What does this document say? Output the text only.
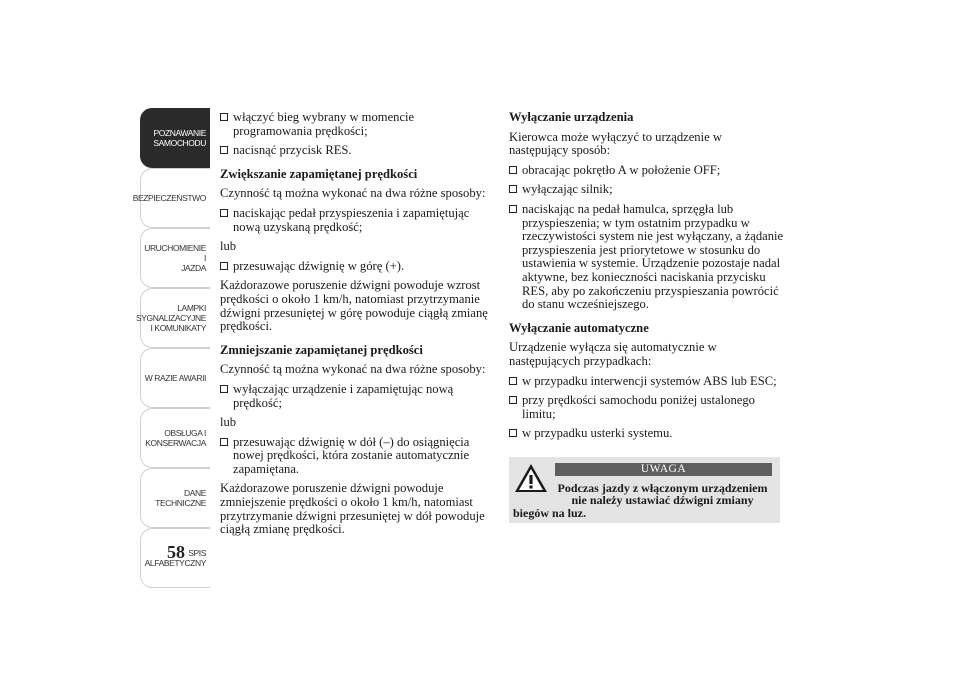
POZNAWANIE
SAMOCHODU
BEZPIECZEŃSTWO
URUCHOMIENIE I
JAZDA
LAMPKI
SYGNALIZACYJNE
I KOMUNIKATY
W RAZIE AWARII
OBSŁUGA I
KONSERWACJA
DANE
TECHNICZNE
SPIS
ALFABETYCZNY
58
włączyć bieg wybrany w momencie programowania prędkości;
nacisnąć przycisk RES.
Zwiększanie zapamiętanej prędkości

Czynność tą można wykonać na dwa różne sposoby:

naciskając pedał przyspieszenia i zapamiętując nową uzyskaną prędkość;

lub

przesuwając dźwignię w górę (+).

Każdorazowe poruszenie dźwigni powoduje wzrost prędkości o około 1 km/h, natomiast przytrzymanie dźwigni przesuniętej w górę powoduje ciągłą zmianę prędkości.

Zmniejszanie zapamiętanej prędkości

Czynność tą można wykonać na dwa różne sposoby:

wyłączając urządzenie i zapamiętując nową prędkość;

lub

przesuwając dźwignię w dół (–) do osiągnięcia nowej prędkości, która zostanie automatycznie zapamiętana.

Każdorazowe poruszenie dźwigni powoduje zmniejszenie prędkości o około 1 km/h, natomiast przytrzymanie dźwigni przesuniętej w dół powoduje ciągłą zmianę prędkości.

Wyłączanie urządzenia

Kierowca może wyłączyć to urządzenie w następujący sposób:

obracając pokrętło A w położenie OFF;
wyłączając silnik;
naciskając na pedał hamulca, sprzęgła lub przyspieszenia; w tym ostatnim przypadku w rzeczywistości system nie jest wyłączany, a żądanie przyspieszenia jest priorytetowe w stosunku do ustawienia w systemie. Urządzenie pozostaje nadal aktywne, bez konieczności naciskania przycisku RES, aby po zakończeniu przyspieszania powrócić do stanu wcześniejszego.
Wyłączanie automatyczne

Urządzenie wyłącza się automatycznie w następujących przypadkach:

w przypadku interwencji systemów ABS lub ESC;
przy prędkości samochodu poniżej ustalonego limitu;
w przypadku usterki systemu.
UWAGA
Podczas jazdy z włączonym urządzeniem
nie należy ustawiać dźwigni zmiany
biegów na luz.
